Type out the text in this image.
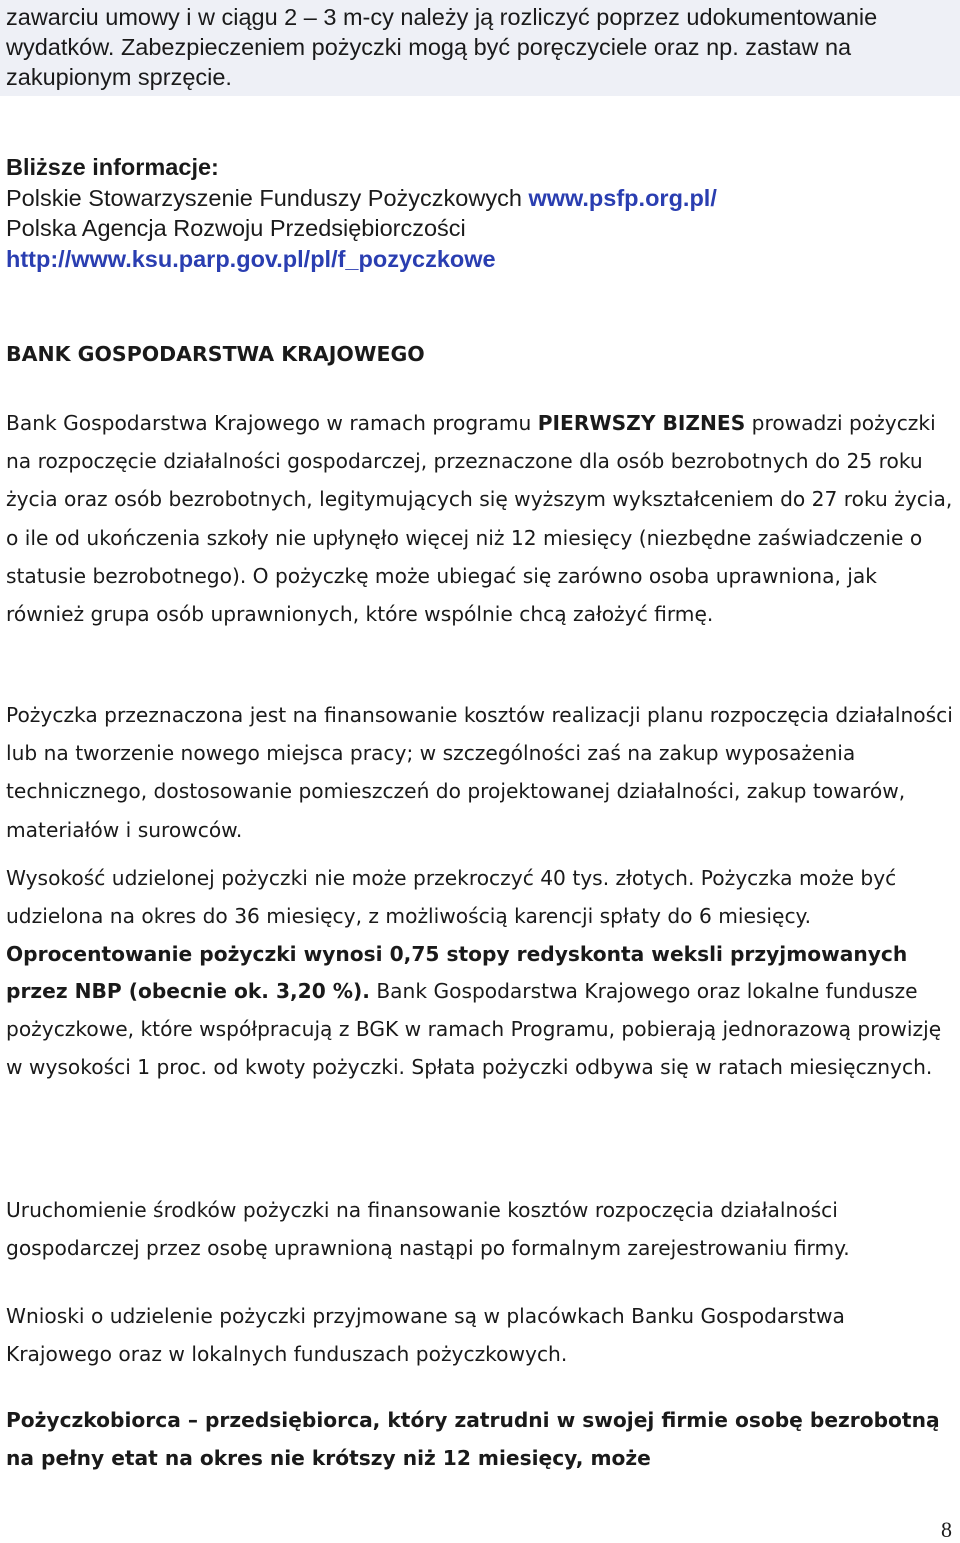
zawarciu umowy i w ciągu 2 – 3 m-cy należy ją rozliczyć poprzez udokumentowanie wydatków. Zabezpieczeniem pożyczki mogą być poręczyciele oraz np. zastaw na zakupionym sprzęcie.
Bliższe informacje:
Polskie Stowarzyszenie Funduszy Pożyczkowych www.psfp.org.pl/
Polska Agencja Rozwoju Przedsiębiorczości
http://www.ksu.parp.gov.pl/pl/f_pozyczkowe
BANK GOSPODARSTWA KRAJOWEGO

Bank Gospodarstwa Krajowego w ramach programu PIERWSZY BIZNES prowadzi pożyczki na rozpoczęcie działalności gospodarczej, przeznaczone dla osób bezrobotnych do 25 roku życia oraz osób bezrobotnych, legitymujących się wyższym wykształceniem do 27 roku życia, o ile od ukończenia szkoły nie upłynęło więcej niż 12 miesięcy (niezbędne zaświadczenie o statusie bezrobotnego). O pożyczkę może ubiegać się zarówno osoba uprawniona, jak również grupa osób uprawnionych, które wspólnie chcą założyć firmę.

Pożyczka przeznaczona jest na finansowanie kosztów realizacji planu rozpoczęcia działalności lub na tworzenie nowego miejsca pracy; w szczególności zaś na zakup wyposażenia technicznego, dostosowanie pomieszczeń do projektowanej działalności, zakup towarów, materiałów i surowców.

Wysokość udzielonej pożyczki nie może przekroczyć 40 tys. złotych. Pożyczka może być udzielona na okres do 36 miesięcy, z możliwością karencji spłaty do 6 miesięcy. Oprocentowanie pożyczki wynosi 0,75 stopy redyskonta weksli przyjmowanych przez NBP (obecnie ok. 3,20 %). Bank Gospodarstwa Krajowego oraz lokalne fundusze pożyczkowe, które współpracują z BGK w ramach Programu, pobierają jednorazową prowizję w wysokości 1 proc. od kwoty pożyczki. Spłata pożyczki odbywa się w ratach miesięcznych.

Uruchomienie środków pożyczki na finansowanie kosztów rozpoczęcia działalności gospodarczej przez osobę uprawnioną nastąpi po formalnym zarejestrowaniu firmy.

Wnioski o udzielenie pożyczki przyjmowane są w placówkach Banku Gospodarstwa Krajowego oraz w lokalnych funduszach pożyczkowych.

Pożyczkobiorca – przedsiębiorca, który zatrudni w swojej firmie osobę bezrobotną na pełny etat na okres nie krótszy niż 12 miesięcy, może

8
